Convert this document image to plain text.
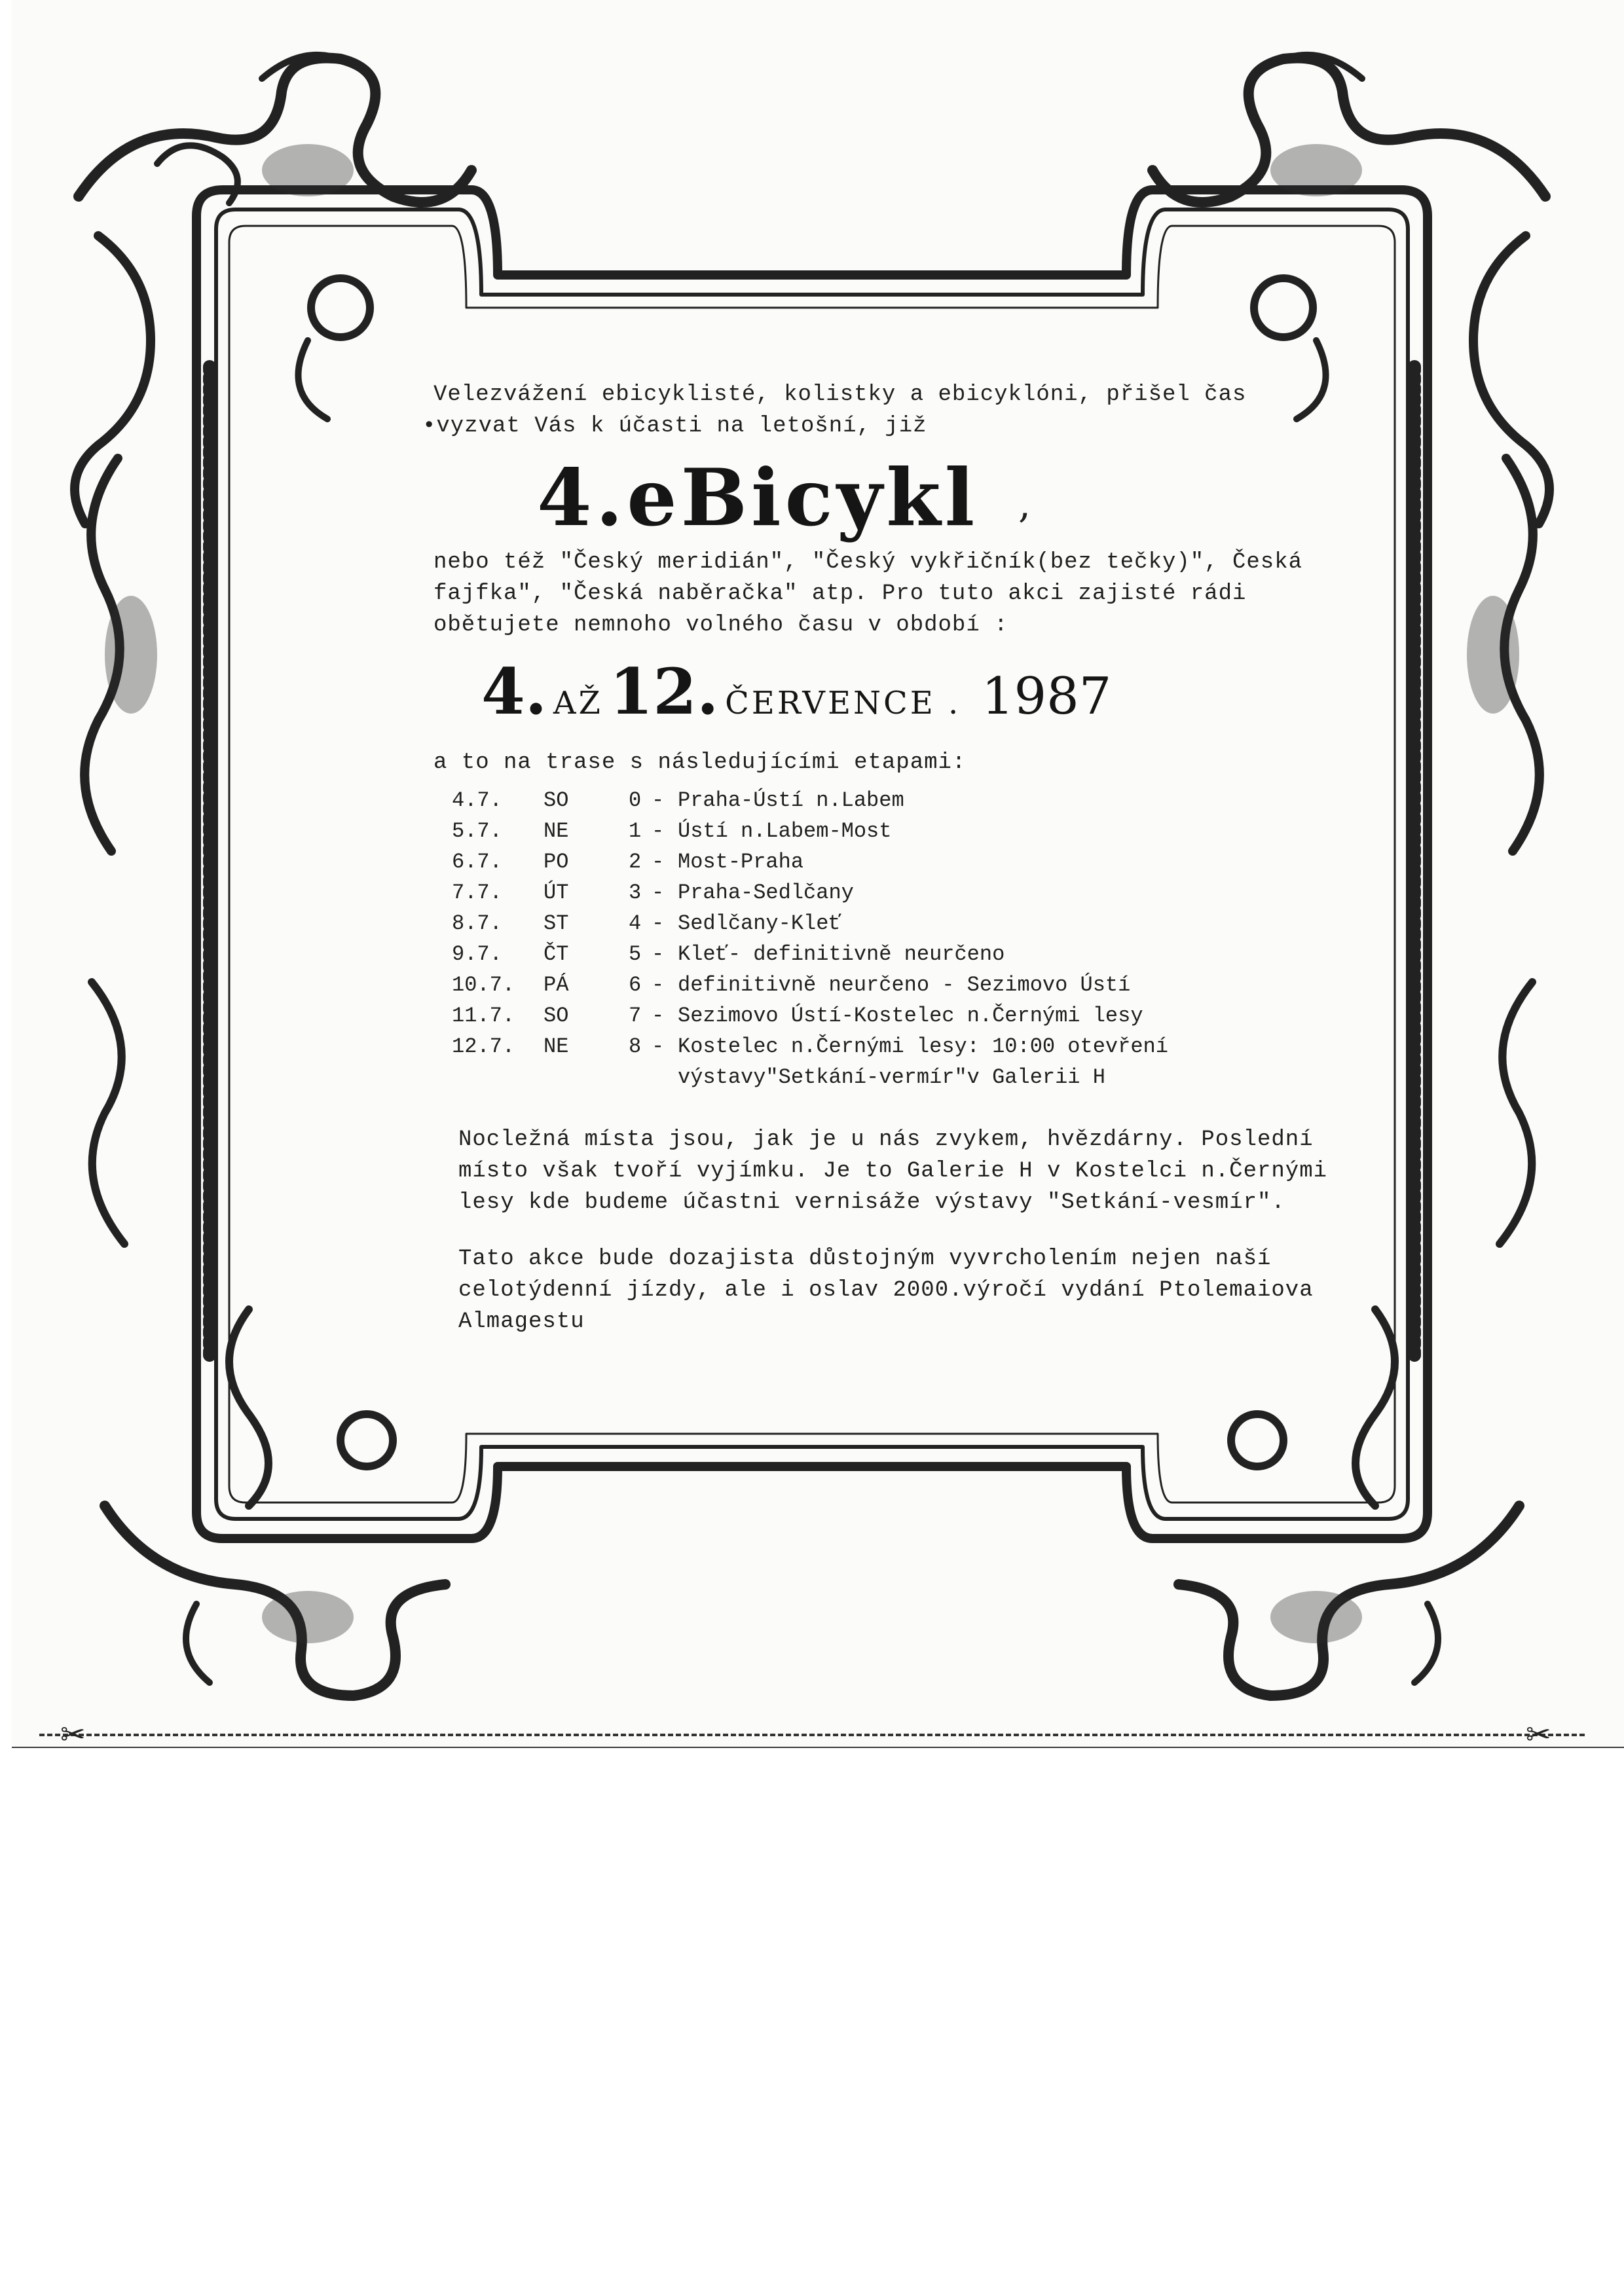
Velezvážení ebicyklisté, kolistky a ebicyklóni, přišel čas

•vyzvat Vás k účasti na letošní, již

4.eBicykl ,

nebo též "Český meridián", "Český vykřičník(bez tečky)", Česká

fajfka", "Česká naběračka" atp. Pro tuto akci zajisté rádi

obětujete nemnoho volného času v období :

4. AŽ 12. ČERVENCE . 1987

a to na trase s následujícími etapami:

4.7. SO	0 - Praha-Ústí n.Labem
5.7. NE	1 - Ústí n.Labem-Most
6.7. PO	2 - Most-Praha
7.7. ÚT	3 - Praha-Sedlčany
8.7. ST	4 - Sedlčany-Kleť
9.7. ČT	5 - Kleť- definitivně neurčeno
10.7. PÁ	6 - definitivně neurčeno - Sezimovo Ústí
11.7. SO	7 - Sezimovo Ústí-Kostelec n.Černými lesy
12.7. NE	8 - Kostelec n.Černými lesy: 10:00 otevření
výstavy"Setkání-vermír"v Galerii H

Nocležná místa jsou, jak je u nás zvykem, hvězdárny. Poslední

místo však tvoří vyjímku. Je to Galerie H v Kostelci n.Černými

lesy kde budeme účastni vernisáže výstavy "Setkání-vesmír".

Tato akce bude dozajista důstojným vyvrcholením nejen naší

celotýdenní jízdy, ale i oslav 2000.výročí vydání Ptolemaiova

Almagestu

✂	✂
